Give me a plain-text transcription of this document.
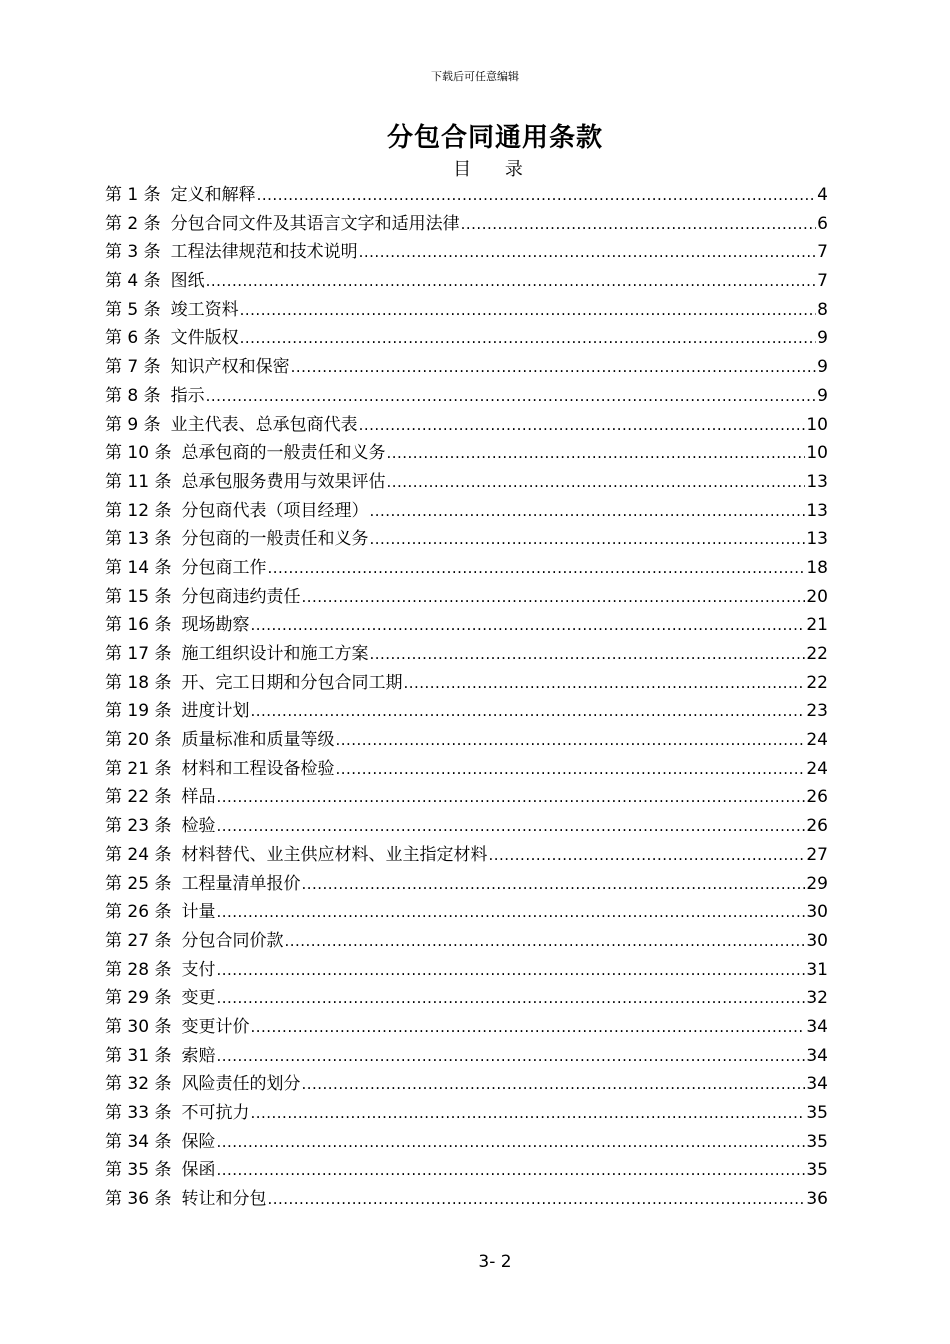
下载后可任意编辑
分包合同通用条款
目 录
第 1 条 定义和解释 .....	4
第 2 条 分包合同文件及其语言文字和适用法律 .....	6
第 3 条 工程法律规范和技术说明 .....	7
第 4 条 图纸 .....	7
第 5 条 竣工资料 .....	8
第 6 条 文件版权 .....	9
第 7 条 知识产权和保密 .....	9
第 8 条 指示 .....	9
第 9 条 业主代表、总承包商代表 .....	10
第 10 条 总承包商的一般责任和义务 .....	10
第 11 条 总承包服务费用与效果评估 .....	13
第 12 条 分包商代表（项目经理） .....	13
第 13 条 分包商的一般责任和义务 .....	13
第 14 条 分包商工作 .....	18
第 15 条 分包商违约责任 .....	20
第 16 条 现场勘察 .....	21
第 17 条 施工组织设计和施工方案 .....	22
第 18 条 开、完工日期和分包合同工期 .....	22
第 19 条 进度计划 .....	23
第 20 条 质量标准和质量等级 .....	24
第 21 条 材料和工程设备检验 .....	24
第 22 条 样品 .....	26
第 23 条 检验 .....	26
第 24 条 材料替代、业主供应材料、业主指定材料 .....	27
第 25 条 工程量清单报价 .....	29
第 26 条 计量 .....	30
第 27 条 分包合同价款 .....	30
第 28 条 支付 .....	31
第 29 条 变更 .....	32
第 30 条 变更计价 .....	34
第 31 条 索赔 .....	34
第 32 条 风险责任的划分 .....	34
第 33 条 不可抗力 .....	35
第 34 条 保险 .....	35
第 35 条 保函 .....	35
第 36 条 转让和分包 .....	36
3- 2
